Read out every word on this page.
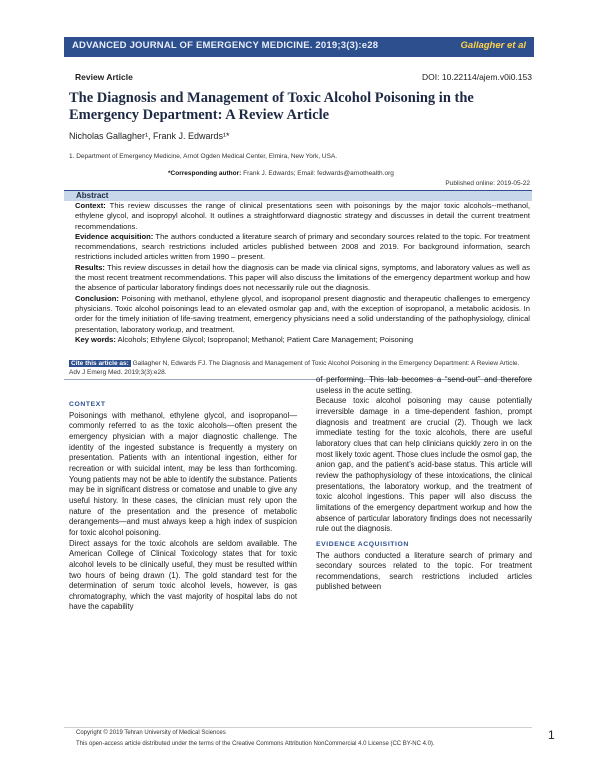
ADVANCED JOURNAL OF EMERGENCY MEDICINE. 2019;3(3):e28	Gallagher et al
Review Article	DOI: 10.22114/ajem.v0i0.153
The Diagnosis and Management of Toxic Alcohol Poisoning in the Emergency Department: A Review Article
Nicholas Gallagher¹, Frank J. Edwards¹*
1. Department of Emergency Medicine, Arnot Ogden Medical Center, Elmira, New York, USA.
*Corresponding author: Frank J. Edwards; Email: fedwards@arnothealth.org
Published online: 2019-05-22
Abstract

Context: This review discusses the range of clinical presentations seen with poisonings by the major toxic alcohols--methanol, ethylene glycol, and isopropyl alcohol. It outlines a straightforward diagnostic strategy and discusses in detail the current treatment recommendations.

Evidence acquisition: The authors conducted a literature search of primary and secondary sources related to the topic. For treatment recommendations, search restrictions included articles published between 2008 and 2019. For background information, search restrictions included articles written from 1990 – present.

Results: This review discusses in detail how the diagnosis can be made via clinical signs, symptoms, and laboratory values as well as the most recent treatment recommendations. This paper will also discuss the limitations of the emergency department workup and how the absence of particular laboratory findings does not necessarily rule out the diagnosis.

Conclusion: Poisoning with methanol, ethylene glycol, and isopropanol present diagnostic and therapeutic challenges to emergency physicians. Toxic alcohol poisonings lead to an elevated osmolar gap and, with the exception of isopropanol, a metabolic acidosis. In order for the timely initiation of life-saving treatment, emergency physicians need a solid understanding of the pathophysiology, clinical presentation, laboratory workup, and treatment.

Key words: Alcohols; Ethylene Glycol; Isopropanol; Methanol; Patient Care Management; Poisoning

Cite this article as: Gallagher N, Edwards FJ. The Diagnosis and Management of Toxic Alcohol Poisoning in the Emergency Department: A Review Article. Adv J Emerg Med. 2019;3(3):e28.
CONTEXT

Poisonings with methanol, ethylene glycol, and isopropanol—commonly referred to as the toxic alcohols—often present the emergency physician with a major diagnostic challenge. The identity of the ingested substance is frequently a mystery on presentation. Patients with an intentional ingestion, either for recreation or with suicidal intent, may be less than forthcoming. Young patients may not be able to identify the substance. Patients may be in significant distress or comatose and unable to give any useful history. In these cases, the clinician must rely upon the nature of the presentation and the presence of metabolic derangements—and must always keep a high index of suspicion for toxic alcohol poisoning.

Direct assays for the toxic alcohols are seldom available. The American College of Clinical Toxicology states that for toxic alcohol levels to be clinically useful, they must be resulted within two hours of being drawn (1). The gold standard test for the determination of serum toxic alcohol levels, however, is gas chromatography, which the vast majority of hospital labs do not have the capability

of performing. This lab becomes a “send-out” and therefore useless in the acute setting.

Because toxic alcohol poisoning may cause potentially irreversible damage in a time-dependent fashion, prompt diagnosis and treatment are crucial (2). Though we lack immediate testing for the toxic alcohols, there are useful laboratory clues that can help clinicians quickly zero in on the most likely toxic agent. Those clues include the osmol gap, the anion gap, and the patient’s acid-base status. This article will review the pathophysiology of these intoxications, the clinical presentations, the laboratory workup, and the treatment of toxic alcohol ingestions. This paper will also discuss the limitations of the emergency department workup and how the absence of particular laboratory findings does not necessarily rule out the diagnosis.

EVIDENCE ACQUISITION

The authors conducted a literature search of primary and secondary sources related to the topic. For treatment recommendations, search restrictions included articles published between

Copyright © 2019 Tehran University of Medical Sciences
This open-access article distributed under the terms of the Creative Commons Attribution NonCommercial 4.0 License (CC BY-NC 4.0).
1
